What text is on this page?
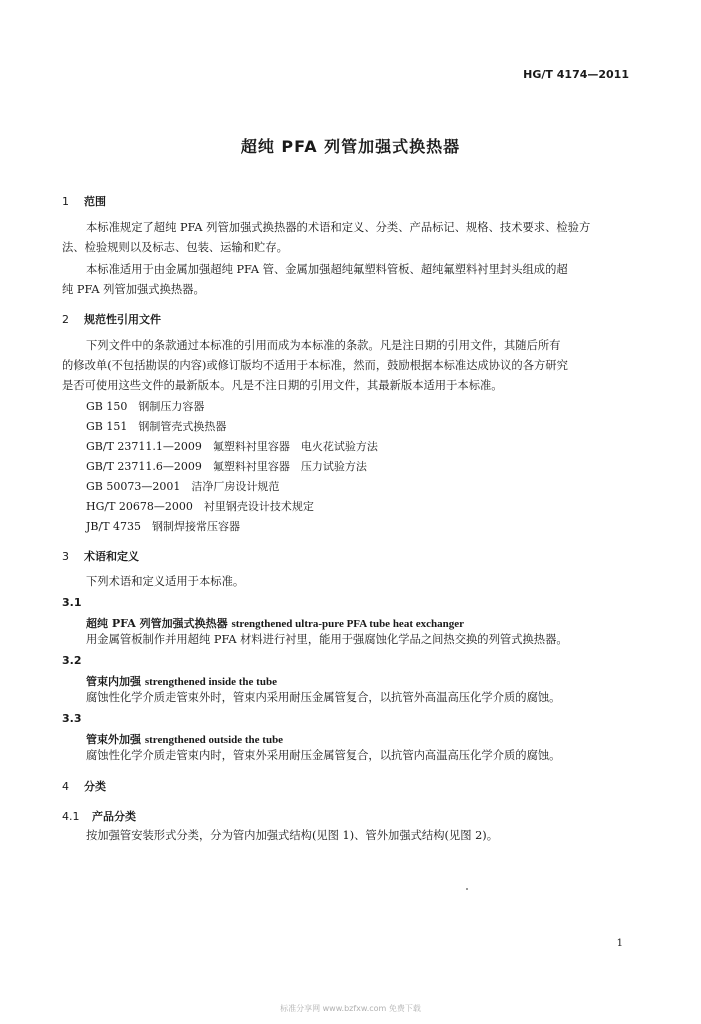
HG/T 4174—2011
超纯 PFA 列管加强式换热器
1 范围
本标准规定了超纯 PFA 列管加强式换热器的术语和定义、分类、产品标记、规格、技术要求、检验方
法、检验规则以及标志、包装、运输和贮存。
本标准适用于由金属加强超纯 PFA 管、金属加强超纯氟塑料管板、超纯氟塑料衬里封头组成的超
纯 PFA 列管加强式换热器。
2 规范性引用文件
下列文件中的条款通过本标准的引用而成为本标准的条款。凡是注日期的引用文件，其随后所有
的修改单(不包括勘误的内容)或修订版均不适用于本标准，然而，鼓励根据本标准达成协议的各方研究
是否可使用这些文件的最新版本。凡是不注日期的引用文件，其最新版本适用于本标准。
GB 150　 钢制压力容器
GB 151　 钢制管壳式换热器
GB/T 23711.1—2009　 氟塑料衬里容器　电火花试验方法
GB/T 23711.6—2009　 氟塑料衬里容器　压力试验方法
GB 50073—2001　 洁净厂房设计规范
HG/T 20678—2000　 衬里钢壳设计技术规定
JB/T 4735　 钢制焊接常压容器
3 术语和定义
下列术语和定义适用于本标准。
3.1
超纯 PFA 列管加强式换热器 strengthened ultra-pure PFA tube heat exchanger
用金属管板制作并用超纯 PFA 材料进行衬里，能用于强腐蚀化学品之间热交换的列管式换热器。
3.2
管束内加强 strengthened inside the tube
腐蚀性化学介质走管束外时，管束内采用耐压金属管复合，以抗管外高温高压化学介质的腐蚀。
3.3
管束外加强 strengthened outside the tube
腐蚀性化学介质走管束内时，管束外采用耐压金属管复合，以抗管内高温高压化学介质的腐蚀。
4 分类
4.1 产品分类
按加强管安装形式分类，分为管内加强式结构(见图 1)、管外加强式结构(见图 2)。
1
标准分享网 www.bzfxw.com 免费下载
